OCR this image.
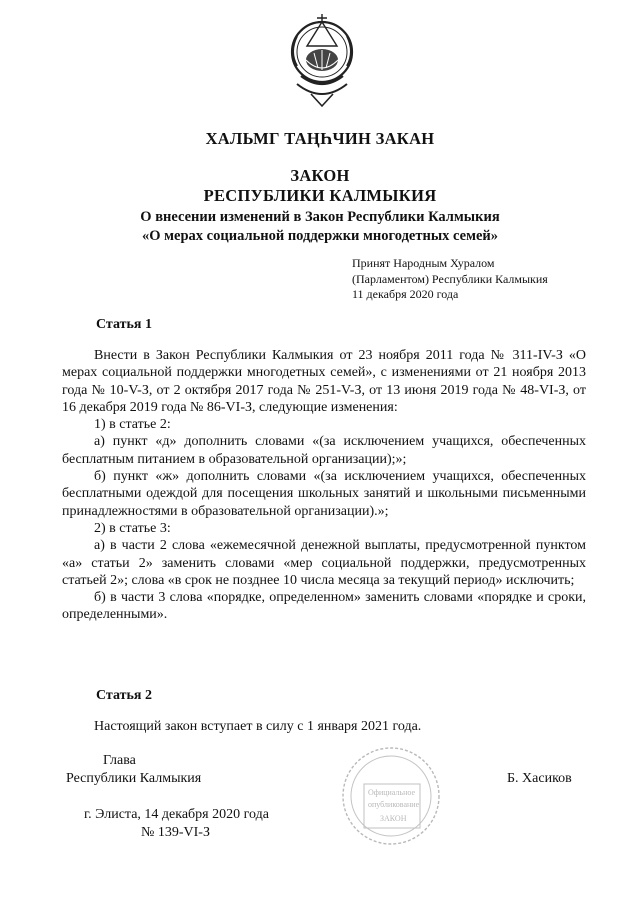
ХАЛЬМГ ТАҢҺЧИН ЗАКАН
ЗАКОН
РЕСПУБЛИКИ КАЛМЫКИЯ
О внесении изменений в Закон Республики Калмыкия
«О мерах социальной поддержки многодетных семей»
Принят Народным Хуралом
(Парламентом) Республики Калмыкия
11 декабря 2020 года
Статья 1

Внести в Закон Республики Калмыкия от 23 ноября 2011 года № 311-IV-З «О мерах социальной поддержки многодетных семей», с изменениями от 21 ноября 2013 года № 10-V-З, от 2 октября 2017 года № 251-V-З, от 13 июня 2019 года № 48-VI-З, от 16 декабря 2019 года № 86-VI-З, следующие изменения:

1) в статье 2:

а) пункт «д» дополнить словами «(за исключением учащихся, обеспеченных бесплатным питанием в образовательной организации);»;

б) пункт «ж» дополнить словами «(за исключением учащихся, обеспеченных бесплатными одеждой для посещения школьных занятий и школьными письменными принадлежностями в образовательной организации).»;

2) в статье 3:

а) в части 2 слова «ежемесячной денежной выплаты, предусмотренной пунктом «а» статьи 2» заменить словами «мер социальной поддержки, предусмотренных статьей 2»; слова «в срок не позднее 10 числа месяца за текущий период» исключить;

б) в части 3 слова «порядке, определенном» заменить словами «порядке и сроки, определенными».

Статья 2

Настоящий закон вступает в силу с 1 января 2021 года.

Глава
Республики Калмыкия	Б. Хасиков
г. Элиста, 14 декабря 2020 года
№ 139-VI-З
Официальное
опубликование
ЗАКОН
